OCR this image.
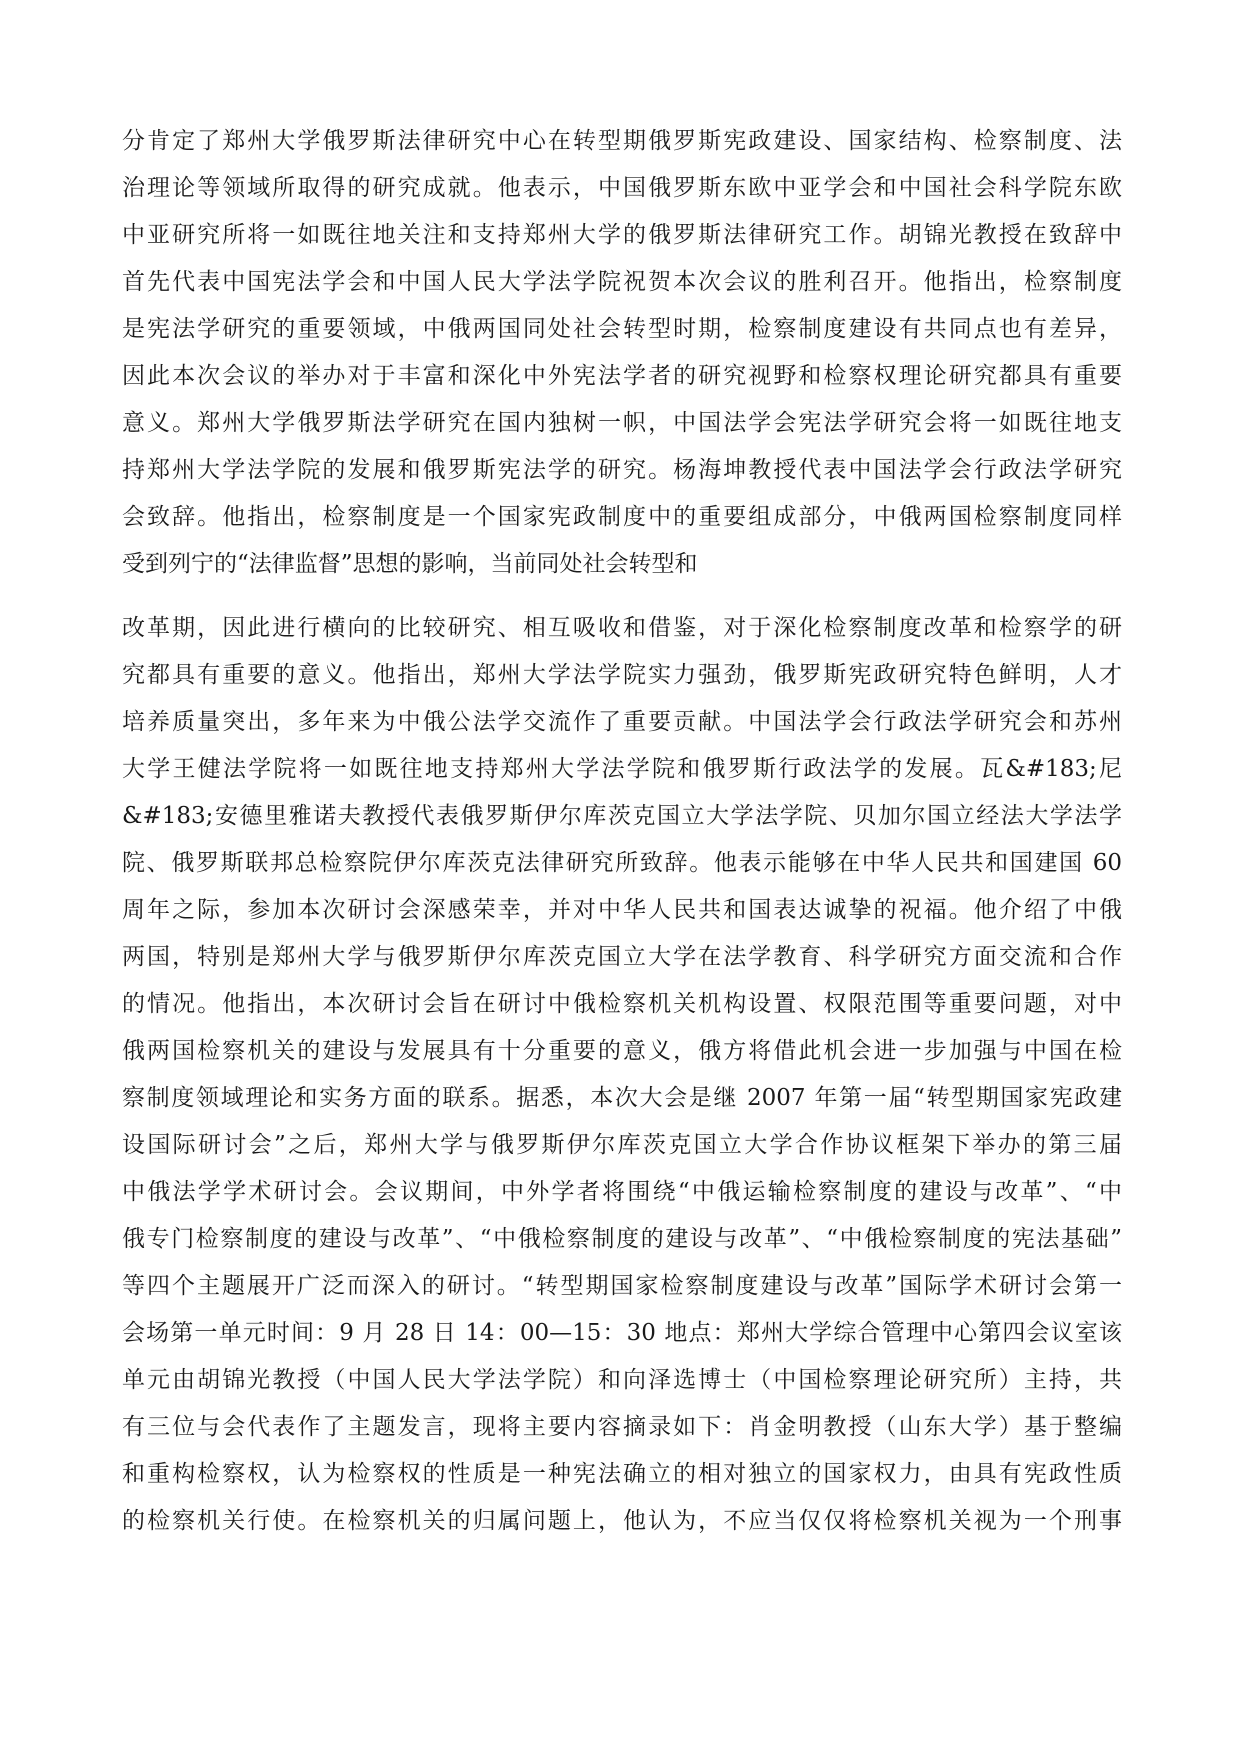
分肯定了郑州大学俄罗斯法律研究中心在转型期俄罗斯宪政建设、国家结构、检察制度、法
治理论等领域所取得的研究成就。他表示，中国俄罗斯东欧中亚学会和中国社会科学院东欧
中亚研究所将一如既往地关注和支持郑州大学的俄罗斯法律研究工作。胡锦光教授在致辞中
首先代表中国宪法学会和中国人民大学法学院祝贺本次会议的胜利召开。他指出，检察制度
是宪法学研究的重要领域，中俄两国同处社会转型时期，检察制度建设有共同点也有差异，
因此本次会议的举办对于丰富和深化中外宪法学者的研究视野和检察权理论研究都具有重要
意义。郑州大学俄罗斯法学研究在国内独树一帜，中国法学会宪法学研究会将一如既往地支
持郑州大学法学院的发展和俄罗斯宪法学的研究。杨海坤教授代表中国法学会行政法学研究
会致辞。他指出，检察制度是一个国家宪政制度中的重要组成部分，中俄两国检察制度同样
受到列宁的“法律监督”思想的影响，当前同处社会转型和
改革期，因此进行横向的比较研究、相互吸收和借鉴，对于深化检察制度改革和检察学的研
究都具有重要的意义。他指出，郑州大学法学院实力强劲，俄罗斯宪政研究特色鲜明，人才
培养质量突出，多年来为中俄公法学交流作了重要贡献。中国法学会行政法学研究会和苏州
大学王健法学院将一如既往地支持郑州大学法学院和俄罗斯行政法学的发展。瓦&#183;尼
&#183;安德里雅诺夫教授代表俄罗斯伊尔库茨克国立大学法学院、贝加尔国立经法大学法学
院、俄罗斯联邦总检察院伊尔库茨克法律研究所致辞。他表示能够在中华人民共和国建国 60
周年之际，参加本次研讨会深感荣幸，并对中华人民共和国表达诚挚的祝福。他介绍了中俄
两国，特别是郑州大学与俄罗斯伊尔库茨克国立大学在法学教育、科学研究方面交流和合作
的情况。他指出，本次研讨会旨在研讨中俄检察机关机构设置、权限范围等重要问题，对中
俄两国检察机关的建设与发展具有十分重要的意义，俄方将借此机会进一步加强与中国在检
察制度领域理论和实务方面的联系。据悉，本次大会是继 2007 年第一届“转型期国家宪政建
设国际研讨会”之后，郑州大学与俄罗斯伊尔库茨克国立大学合作协议框架下举办的第三届
中俄法学学术研讨会。会议期间，中外学者将围绕“中俄运输检察制度的建设与改革”、“中
俄专门检察制度的建设与改革”、“中俄检察制度的建设与改革”、“中俄检察制度的宪法基础”
等四个主题展开广泛而深入的研讨。“转型期国家检察制度建设与改革”国际学术研讨会第一
会场第一单元时间：9 月 28 日 14：00—15：30 地点：郑州大学综合管理中心第四会议室该
单元由胡锦光教授（中国人民大学法学院）和向泽选博士（中国检察理论研究所）主持，共
有三位与会代表作了主题发言，现将主要内容摘录如下：肖金明教授（山东大学）基于整编
和重构检察权，认为检察权的性质是一种宪法确立的相对独立的国家权力，由具有宪政性质
的检察机关行使。在检察机关的归属问题上，他认为，不应当仅仅将检察机关视为一个刑事
